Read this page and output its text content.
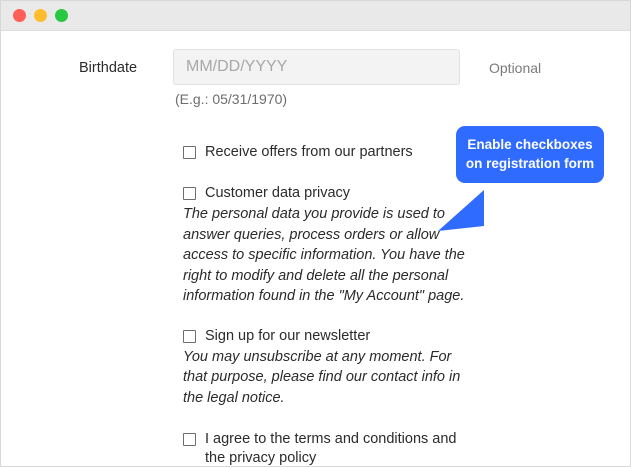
Birthdate
MM/DD/YYYY	Optional
(E.g.: 05/31/1970)
Receive offers from our partners
Customer data privacy
The personal data you provide is used to answer queries, process orders or allow access to specific information. You have the right to modify and delete all the personal information found in the "My Account" page.
Sign up for our newsletter
You may unsubscribe at any moment. For that purpose, please find our contact info in the legal notice.
I agree to the terms and conditions and the privacy policy
Enable checkboxes on registration form
